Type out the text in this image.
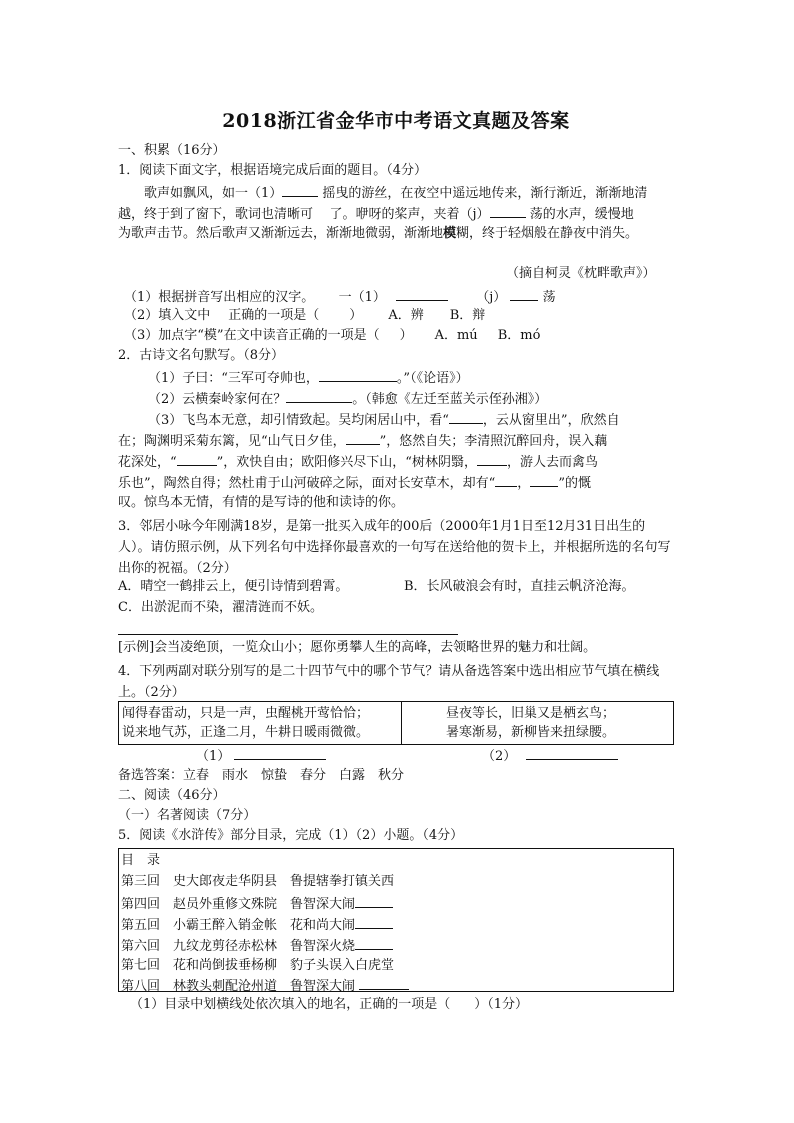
2018浙江省金华市中考语文真题及答案
一、积累（16分）
1．阅读下面文字，根据语境完成后面的题目。（4分）
歌声如飘风，如一（1）	摇曳的游丝，在夜空中遥远地传来，渐行渐近，渐渐地清
越，终于到了窗下，歌词也清晰可    了。咿呀的桨声，夹着（j）	荡的水声，缓慢地
为歌声击节。然后歌声又渐渐远去，渐渐地微弱，渐渐地模糊，终于轻烟般在静夜中消失。
（摘自柯灵《枕畔歌声》）
（1）根据拼音写出相应的汉字。 一（1）	（j）	荡
（2）填入文中 正确的一项是（ ） A．辨 B．辩
（3）加点字“模”在文中读音正确的一项是（ ） A．mú B．mó
2．古诗文名句默写。（8分）
（1）子曰：“三军可夺帅也，	。”（《论语》）
（2）云横秦岭家何在？	。（韩愈《左迁至蓝关示侄孙湘》）
（3）飞鸟本无意，却引情致起。吴均闲居山中，看“	，云从窗里出”，欣然自
在；陶渊明采菊东篱，见“山气日夕佳，	”，悠然自失；李清照沉醉回舟，误入藕
花深处，“	”，欢快自由；欧阳修兴尽下山，“树林阴翳， ，游人去而禽鸟
乐也”，陶然自得；然杜甫于山河破碎之际，面对长安草木，却有“ ， ”的慨
叹。惊鸟本无情，有情的是写诗的他和读诗的你。
3．邻居小咏今年刚满18岁，是第一批买入成年的00后（2000年1月1日至12月31日出生的人）。请仿照示例，从下列名句中选择你最喜欢的一句写在送给他的贺卡上，并根据所选的名句写出你的祝福。（2分）
A．晴空一鹤排云上，便引诗情到碧霄。	B．长风破浪会有时，直挂云帆济沧海。
C．出淤泥而不染，濯清涟而不妖。
[示例]会当凌绝顶，一览众山小；愿你勇攀人生的高峰，去领略世界的魅力和壮阔。
4．下列两副对联分别写的是二十四节气中的哪个节气？请从备选答案中选出相应节气填在横线上。（2分）
闻得春雷动，只是一声，虫醒桃开莺恰恰；
说来地气苏，正逢二月，牛耕日暖雨微微。

昼夜等长，旧巢又是栖玄鸟；
暑寒渐易，新柳皆来扭绿腰。
（1）	（2）
备选答案：立春　雨水　惊蛰　春分　白露　秋分
二、阅读（46分）
（一）名著阅读（7分）
5．阅读《水浒传》部分目录，完成（1）（2）小题。（4分）
目　录
第三回　史大郎夜走华阴县　鲁提辖拳打镇关西
第四回　赵员外重修文殊院　鲁智深大闹
第五回　小霸王醉入销金帐　花和尚大闹
第六回　九纹龙剪径赤松林　鲁智深火烧
第七回　花和尚倒拔垂杨柳　豹子头误入白虎堂
第八回　林教头刺配沧州道　鲁智深大闹
（1）目录中划横线处依次填入的地名，正确的一项是（ ）（1分）
